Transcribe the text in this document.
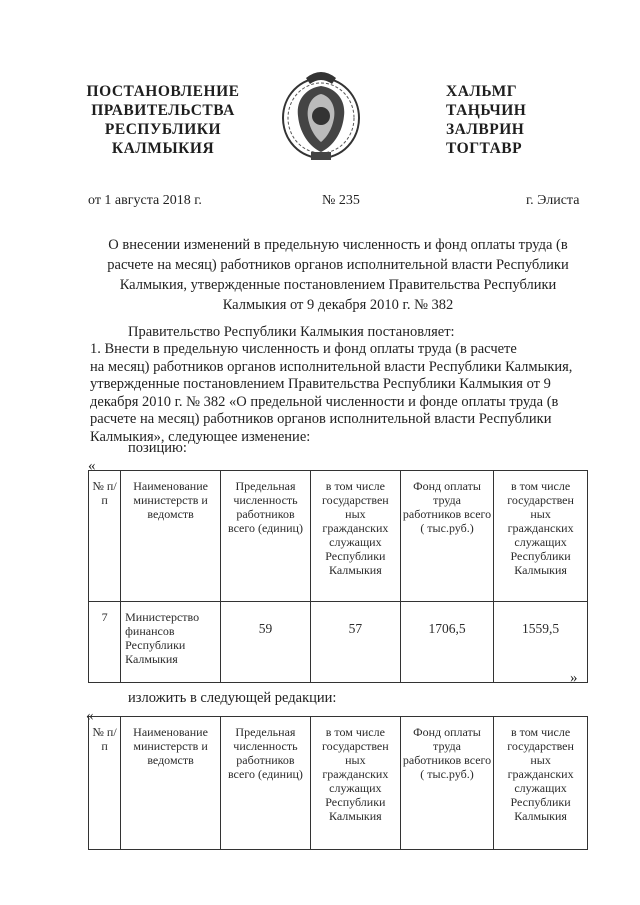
ПОСТАНОВЛЕНИЕ
ПРАВИТЕЛЬСТВА
РЕСПУБЛИКИ
КАЛМЫКИЯ
ХАЛЬМГ
ТАҢЬЧИН
ЗАЛВРИН
ТОГТАВР
от 1 августа 2018 г.	№ 235	г. Элиста
О внесении изменений в предельную численность и фонд оплаты труда (в расчете на месяц) работников органов исполнительной власти Республики Калмыкия, утвержденные постановлением Правительства Республики Калмыкия от 9 декабря 2010 г. № 382
Правительство Республики Калмыкия постановляет:
1. Внести в предельную численность и фонд оплаты труда (в расчете
на месяц) работников органов исполнительной власти Республики Калмыкия,
утвержденные постановлением Правительства Республики Калмыкия от 9
декабря 2010 г. № 382 «О предельной численности и фонде оплаты труда (в
расчете на месяц) работников органов исполнительной власти Республики
Калмыкия», следующее изменение:
позицию:
«
№ п/п	Наименование министерств и ведомств	Предельная численность работников всего (единиц)	в том числе государствен ных гражданских служащих Республики Калмыкия	Фонд оплаты труда работников всего ( тыс.руб.)	в том числе государствен ных гражданских служащих Республики Калмыкия
7	Министерство финансов Республики Калмыкия	59	57	1706,5	1559,5
»
изложить в следующей редакции:
«
№ п/п	Наименование министерств и ведомств	Предельная численность работников всего (единиц)	в том числе государствен ных гражданских служащих Республики Калмыкия	Фонд оплаты труда работников всего ( тыс.руб.)	в том числе государствен ных гражданских служащих Республики Калмыкия
